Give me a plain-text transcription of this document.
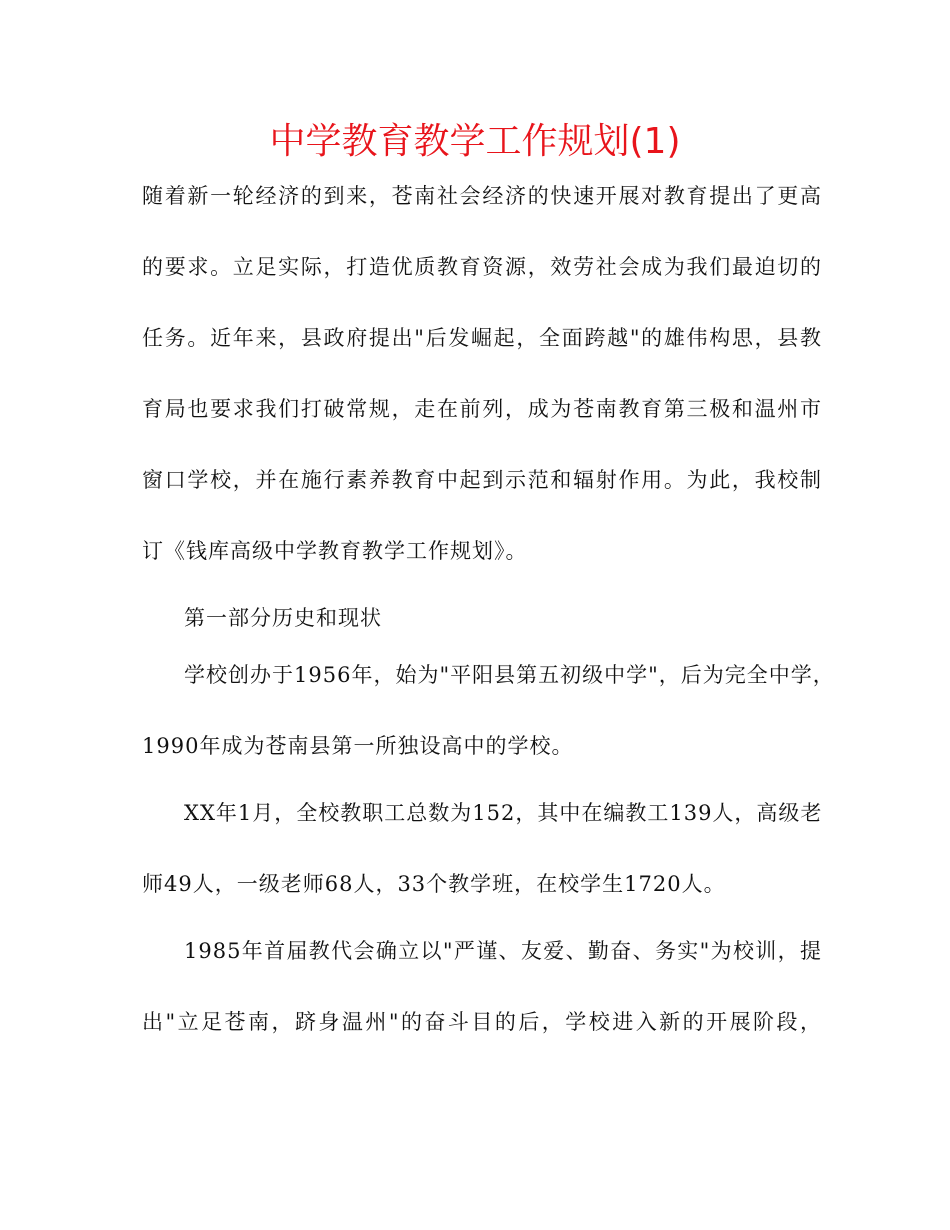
中学教育教学工作规划(1)
随着新一轮经济的到来，苍南社会经济的快速开展对教育提出了更高
的要求。立足实际，打造优质教育资源，效劳社会成为我们最迫切的
任务。近年来，县政府提出"后发崛起，全面跨越"的雄伟构思，县教
育局也要求我们打破常规，走在前列，成为苍南教育第三极和温州市
窗口学校，并在施行素养教育中起到示范和辐射作用。为此，我校制
订《钱库高级中学教育教学工作规划》。
第一部分历史和现状
学校创办于1956年，始为"平阳县第五初级中学"，后为完全中学，
1990年成为苍南县第一所独设高中的学校。
XX年1月，全校教职工总数为152，其中在编教工139人，高级老
师49人，一级老师68人，33个教学班，在校学生1720人。
1985年首届教代会确立以"严谨、友爱、勤奋、务实"为校训，提
出"立足苍南，跻身温州"的奋斗目的后，学校进入新的开展阶段，
